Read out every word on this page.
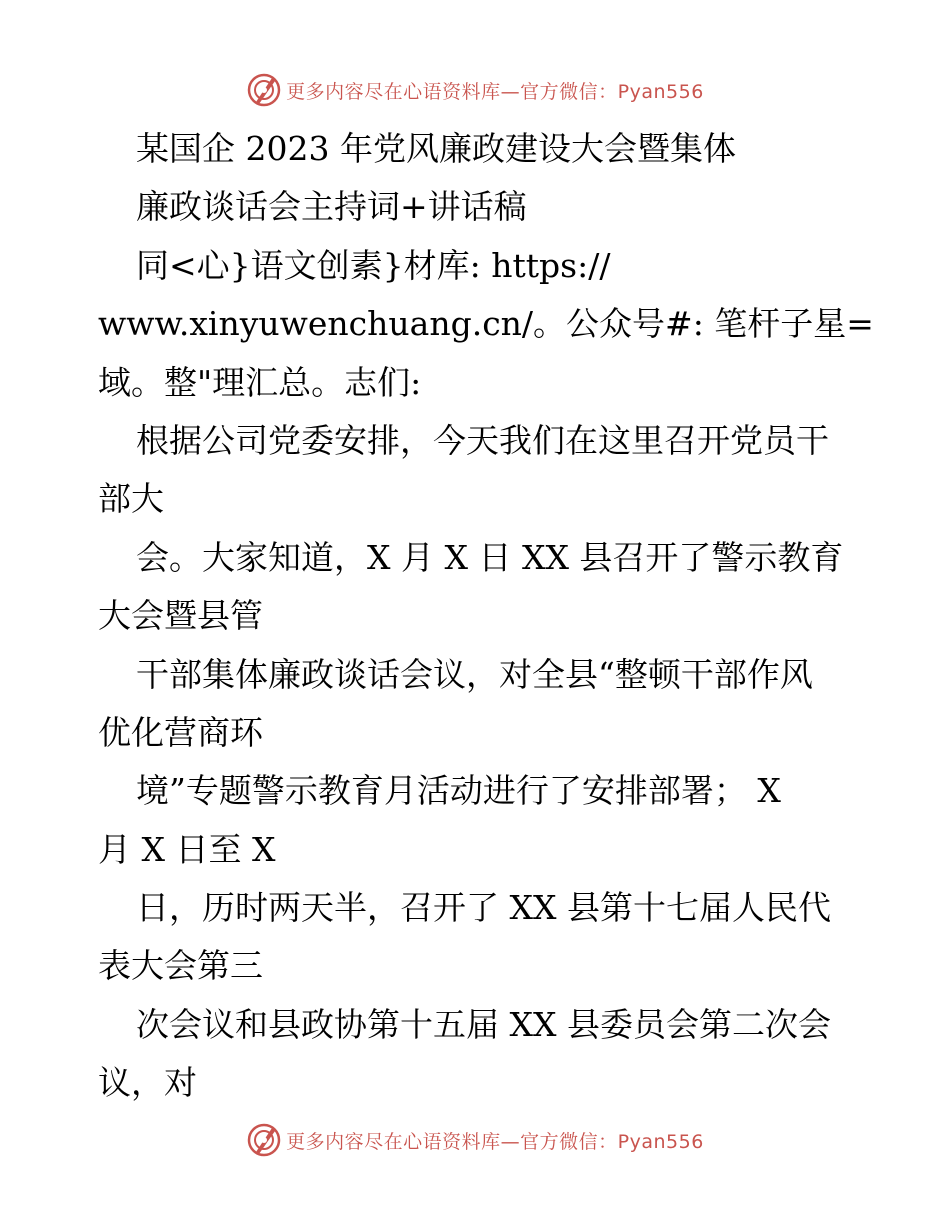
更多内容尽在心语资料库—官方微信：Pyan556
某国企 2023 年党风廉政建设大会暨集体
廉政谈话会主持词+讲话稿
同<心}语文创素}材库: https://
www.xinyuwenchuang.cn/。公众号#: 笔杆子星=
域。整"理汇总。志们:
根据公司党委安排，今天我们在这里召开党员干
部大
会。大家知道，X 月 X 日 XX 县召开了警示教育
大会暨县管
干部集体廉政谈话会议，对全县“整顿干部作风
优化营商环
境”专题警示教育月活动进行了安排部署； X
月 X 日至 X
日，历时两天半，召开了 XX 县第十七届人民代
表大会第三
次会议和县政协第十五届 XX 县委员会第二次会
议，对
更多内容尽在心语资料库—官方微信：Pyan556
